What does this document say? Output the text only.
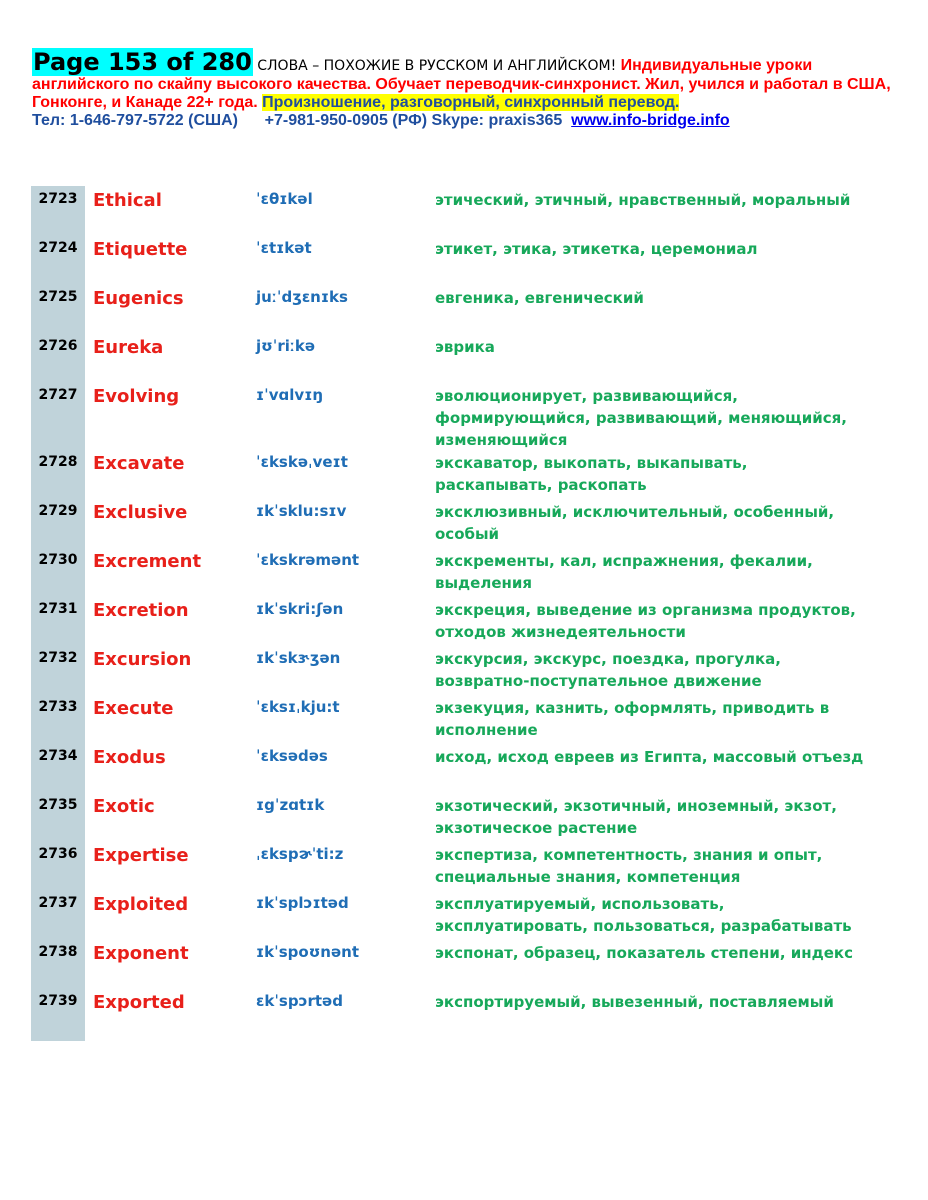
Page 153 of 280 СЛОВА – ПОХОЖИЕ В РУССКОМ И АНГЛИЙСКОМ! Индивидуальные уроки английского по скайпу высокого качества. Обучает переводчик-синхронист. Жил, учился и работал в США, Гонконге, и Канаде 22+ года. Произношение, разговорный, синхронный перевод.
Тел: 1-646-797-5722 (США) +7-981-950-0905 (РФ) Skype: praxis365 www.info-bridge.info
2723 Ethical	ˈɛθɪkəl	этический, этичный, нравственный, моральный
2724 Etiquette	ˈɛtɪkət	этикет, этика, этикетка, церемониал
2725 Eugenics	juːˈdʒɛnɪks	евгеника, евгенический
2726 Eureka	jʊˈriːkə	эврика
2727 Evolving	ɪˈvɑlvɪŋ	эволюционирует, развивающийся, формирующийся, развивающий, меняющийся, изменяющийся
2728 Excavate	ˈɛkskəˌveɪt	экскаватор, выкопать, выкапывать, раскапывать, раскопать
2729 Exclusive	ɪkˈsklu:sɪv	эксклюзивный, исключительный, особенный, особый
2730 Excrement	ˈɛkskrəmənt	экскременты, кал, испражнения, фекалии, выделения
2731 Excretion	ɪkˈskri:ʃən	экскреция, выведение из организма продуктов, отходов жизнедеятельности
2732 Excursion	ɪkˈskɝʒən	экскурсия, экскурс, поездка, прогулка, возвратно-поступательное движение
2733 Execute	ˈɛksɪˌkju:t	экзекуция, казнить, оформлять, приводить в исполнение
2734 Exodus	ˈɛksədəs	исход, исход евреев из Египта, массовый отъезд
2735 Exotic	ɪgˈzɑtɪk	экзотический, экзотичный, иноземный, экзот, экзотическое растение
2736 Expertise	ˌɛkspɚˈti:z	экспертиза, компетентность, знания и опыт, специальные знания, компетенция
2737 Exploited	ɪkˈsplɔɪtəd	эксплуатируемый, использовать, эксплуатировать, пользоваться, разрабатывать
2738 Exponent	ɪkˈspoʊnənt	экспонат, образец, показатель степени, индекс
2739 Exported	ɛkˈspɔrtəd	экспортируемый, вывезенный, поставляемый
